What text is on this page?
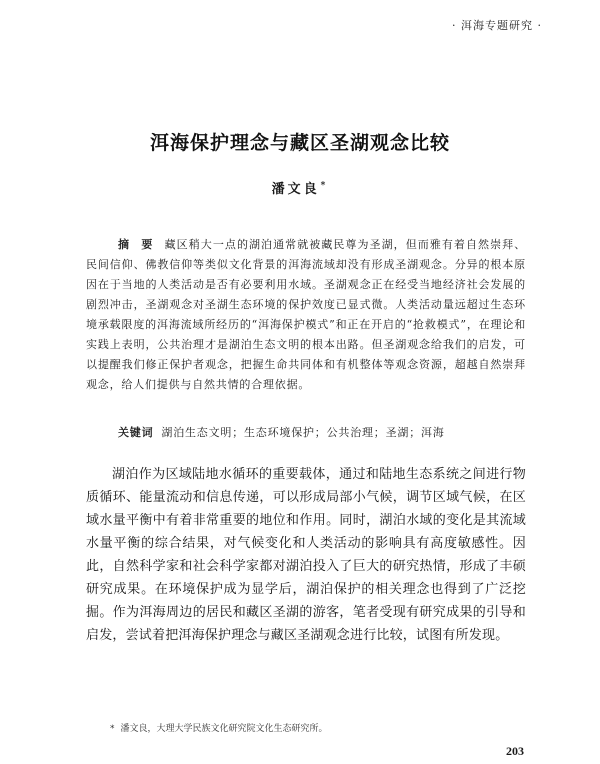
· 洱海专题研究 ·
洱海保护理念与藏区圣湖观念比较
潘文良*
摘 要 藏区稍大一点的湖泊通常就被藏民尊为圣湖，但而雅有着自然崇拜、民间信仰、佛教信仰等类似文化背景的洱海流域却没有形成圣湖观念。分异的根本原因在于当地的人类活动是否有必要利用水域。圣湖观念正在经受当地经济社会发展的剧烈冲击，圣湖观念对圣湖生态环境的保护效度已显式微。人类活动量远超过生态环境承载限度的洱海流域所经历的“洱海保护模式”和正在开启的“抢救模式”，在理论和实践上表明，公共治理才是湖泊生态文明的根本出路。但圣湖观念给我们的启发，可以提醒我们修正保护者观念，把握生命共同体和有机整体等观念资源，超越自然崇拜观念，给人们提供与自然共情的合理依据。
关键词 湖泊生态文明；生态环境保护；公共治理；圣湖；洱海
湖泊作为区域陆地水循环的重要载体，通过和陆地生态系统之间进行物质循环、能量流动和信息传递，可以形成局部小气候，调节区域气候，在区域水量平衡中有着非常重要的地位和作用。同时，湖泊水域的变化是其流域水量平衡的综合结果，对气候变化和人类活动的影响具有高度敏感性。因此，自然科学家和社会科学家都对湖泊投入了巨大的研究热情，形成了丰硕研究成果。在环境保护成为显学后，湖泊保护的相关理念也得到了广泛挖掘。作为洱海周边的居民和藏区圣湖的游客，笔者受现有研究成果的引导和启发，尝试着把洱海保护理念与藏区圣湖观念进行比较，试图有所发现。
* 潘文良，大理大学民族文化研究院文化生态研究所。
203
